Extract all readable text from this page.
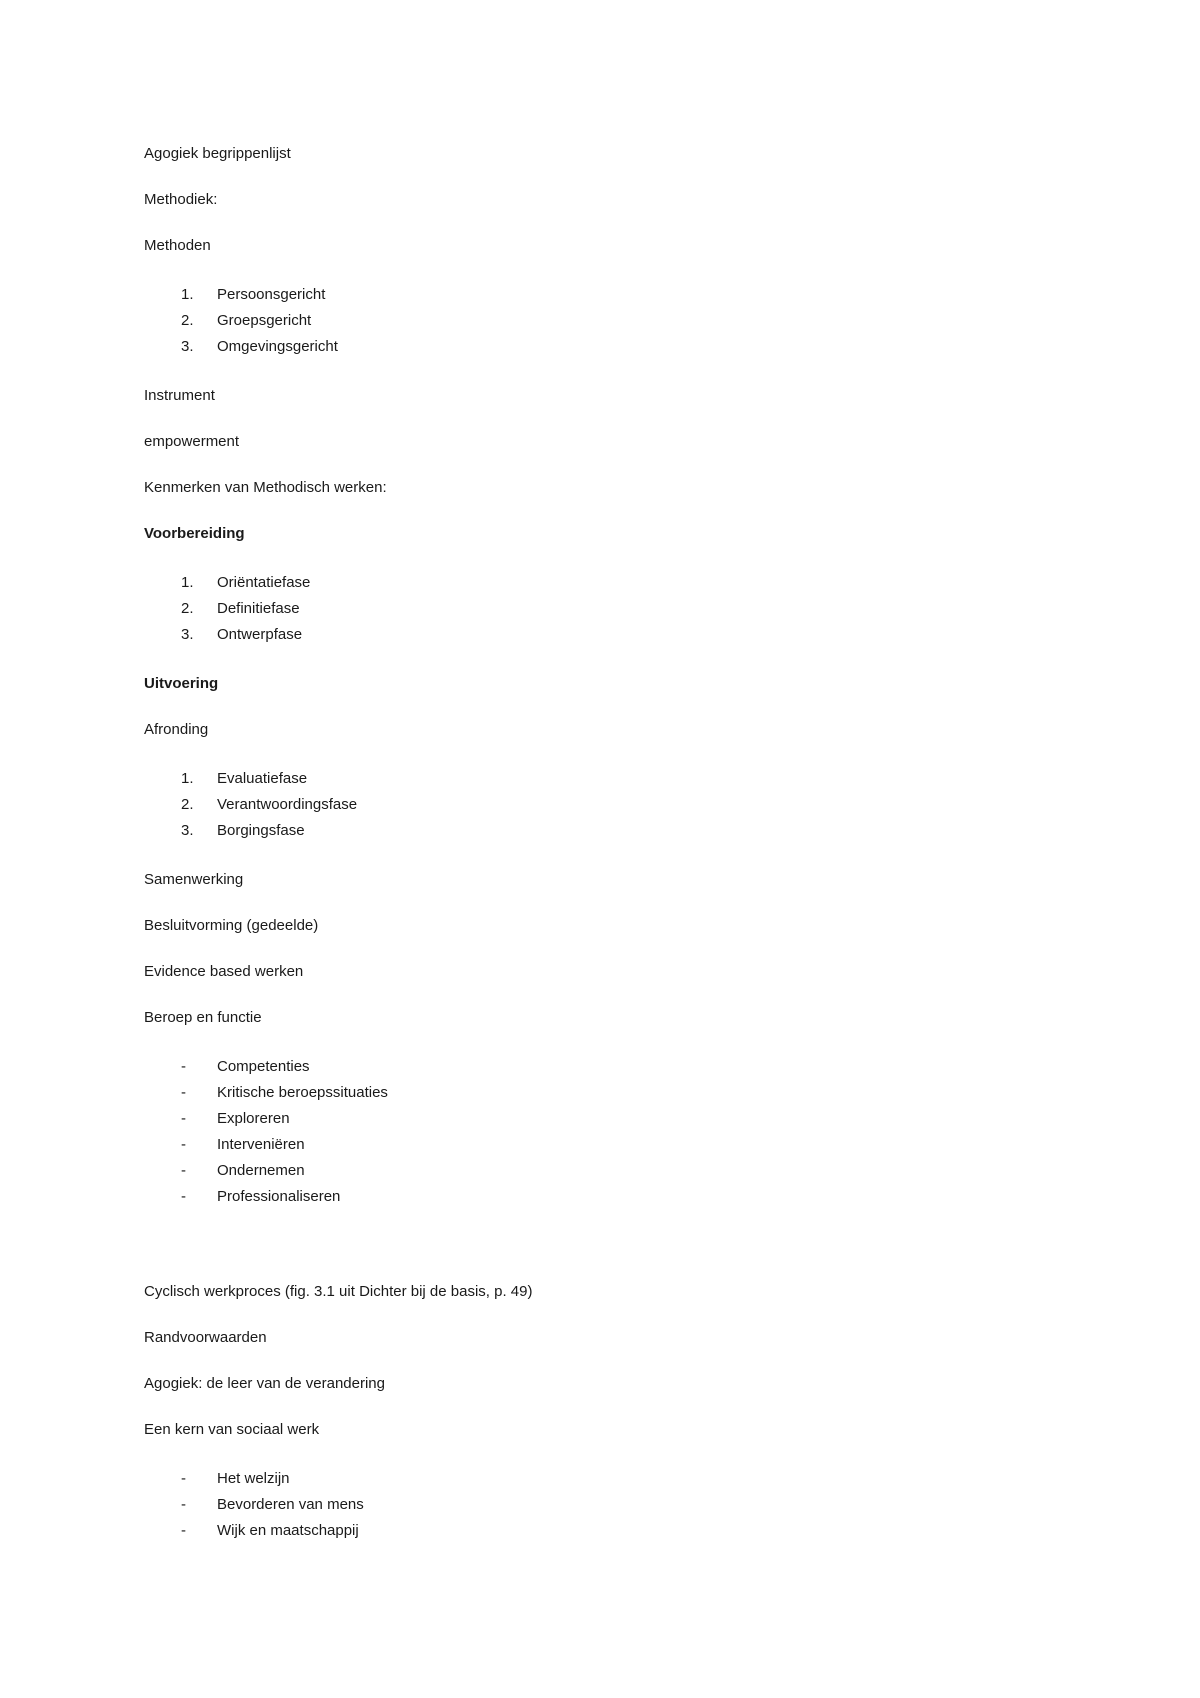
Agogiek begrippenlijst

Methodiek:

Methoden

1. Persoonsgericht
2. Groepsgericht
3. Omgevingsgericht

Instrument

empowerment

Kenmerken van Methodisch werken:

Voorbereiding

1. Oriëntatiefase
2. Definitiefase
3. Ontwerpfase

Uitvoering

Afronding

1. Evaluatiefase
2. Verantwoordingsfase
3. Borgingsfase

Samenwerking

Besluitvorming (gedeelde)

Evidence based werken

Beroep en functie

- Competenties
- Kritische beroepssituaties
- Exploreren
- Interveniëren
- Ondernemen
- Professionaliseren

Cyclisch werkproces (fig. 3.1 uit Dichter bij de basis, p. 49)

Randvoorwaarden

Agogiek: de leer van de verandering

Een kern van sociaal werk

- Het welzijn
- Bevorderen van mens
- Wijk en maatschappij
